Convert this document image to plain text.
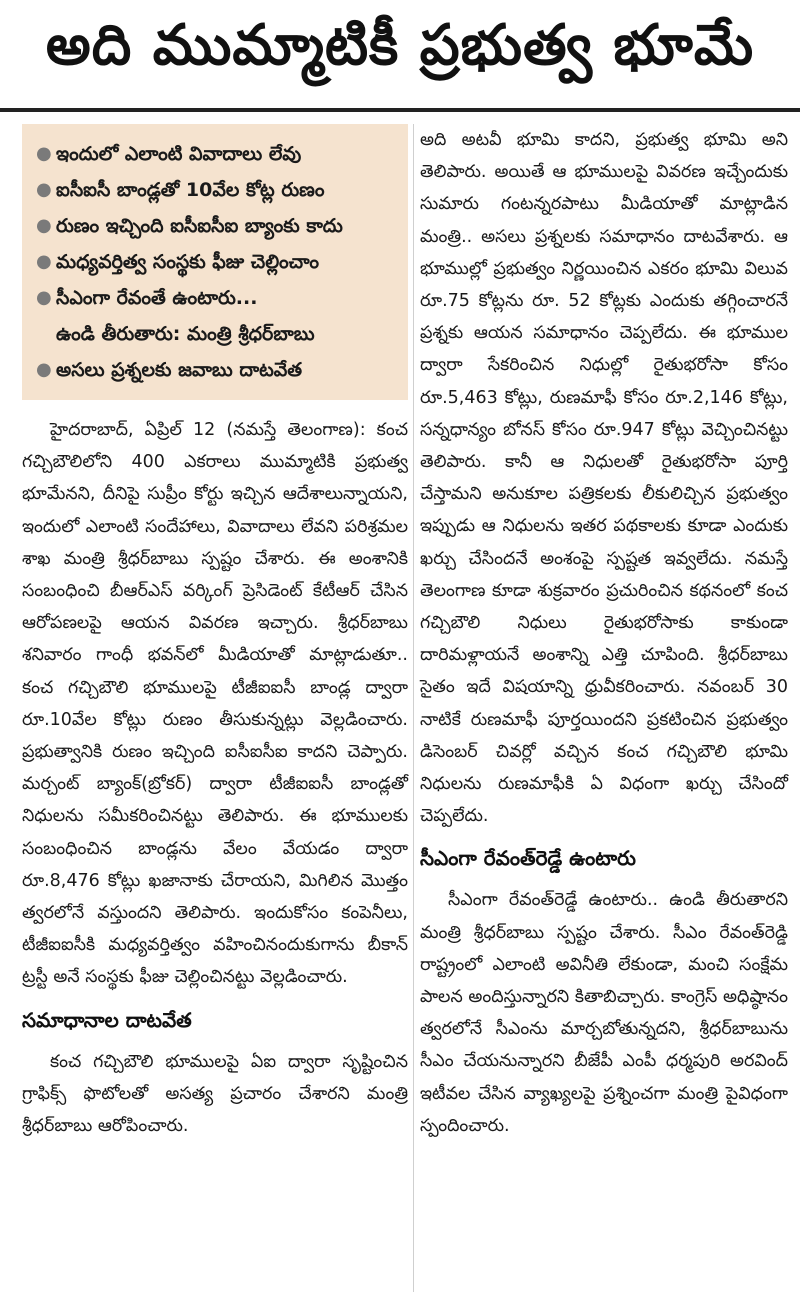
అది ముమ్మాటికీ ప్రభుత్వ భూమే
● ఇందులో ఎలాంటి వివాదాలు లేవు
● ఐసీఐసీ బాండ్లతో 10వేల కోట్ల రుణం
● రుణం ఇచ్చింది ఐసీఐసీఐ బ్యాంకు కాదు
● మధ్యవర్తిత్వ సంస్థకు ఫీజు చెల్లించాం
● సీఎంగా రేవంతే ఉంటారు...
ఉండి తీరుతారు: మంత్రి శ్రీధర్‌బాబు
● అసలు ప్రశ్నలకు జవాబు దాటవేత

హైదరాబాద్, ఏప్రిల్ 12 (నమస్తే తెలంగాణ): కంచ గచ్చిబౌలిలోని 400 ఎకరాలు ముమ్మాటికి ప్రభుత్వ భూమేనని, దీనిపై సుప్రీం కోర్టు ఇచ్చిన ఆదేశాలున్నాయని, ఇందులో ఎలాంటి సందేహాలు, వివాదాలు లేవని పరిశ్రమల శాఖ మంత్రి శ్రీధర్‌బాబు స్పష్టం చేశారు. ఈ అంశానికి సంబంధించి బీఆర్ఎస్ వర్కింగ్ ప్రెసిడెంట్ కేటీఆర్ చేసిన ఆరోపణలపై ఆయన వివరణ ఇచ్చారు. శ్రీధర్‌బాబు శనివారం గాంధీ భవన్‌లో మీడియాతో మాట్లాడుతూ.. కంచ గచ్చిబౌలి భూములపై టీజీఐఐసీ బాండ్ల ద్వారా రూ.10వేల కోట్లు రుణం తీసుకున్నట్లు వెల్లడించారు. ప్రభుత్వానికి రుణం ఇచ్చింది ఐసీఐసీఐ కాదని చెప్పారు. మర్చంట్ బ్యాంక్(బ్రోకర్) ద్వారా టీజీఐఐసీ బాండ్లతో నిధులను సమీకరించినట్టు తెలిపారు. ఈ భూములకు సంబంధించిన బాండ్లను వేలం వేయడం ద్వారా రూ.8,476 కోట్లు ఖజానాకు చేరాయని, మిగిలిన మొత్తం త్వరలోనే వస్తుందని తెలిపారు. ఇందుకోసం కంపెనీలు, టీజీఐఐసీకి మధ్యవర్తిత్వం వహించినందుకుగాను బీకాన్ ట్రస్టీ అనే సంస్థకు ఫీజు చెల్లించినట్టు వెల్లడించారు.

సమాధానాల దాటవేత

కంచ గచ్చిబౌలి భూములపై ఏఐ ద్వారా సృష్టించిన గ్రాఫిక్స్ ఫొటోలతో అసత్య ప్రచారం చేశారని మంత్రి శ్రీధర్‌బాబు ఆరోపించారు.

అది అటవీ భూమి కాదని, ప్రభుత్వ భూమి అని తెలిపారు. అయితే ఆ భూములపై వివరణ ఇచ్చేందుకు సుమారు గంటన్నరపాటు మీడియాతో మాట్లాడిన మంత్రి.. అసలు ప్రశ్నలకు సమాధానం దాటవేశారు. ఆ భూముల్లో ప్రభుత్వం నిర్ణయించిన ఎకరం భూమి విలువ రూ.75 కోట్లను రూ. 52 కోట్లకు ఎందుకు తగ్గించారనే ప్రశ్నకు ఆయన సమాధానం చెప్పలేదు. ఈ భూముల ద్వారా సేకరించిన నిధుల్లో రైతుభరోసా కోసం రూ.5,463 కోట్లు, రుణమాఫీ కోసం రూ.2,146 కోట్లు, సన్నధాన్యం బోనస్ కోసం రూ.947 కోట్లు వెచ్చించినట్టు తెలిపారు. కానీ ఆ నిధులతో రైతుభరోసా పూర్తి చేస్తామని అనుకూల పత్రికలకు లీకులిచ్చిన ప్రభుత్వం ఇప్పుడు ఆ నిధులను ఇతర పథకాలకు కూడా ఎందుకు ఖర్చు చేసిందనే అంశంపై స్పష్టత ఇవ్వలేదు. నమస్తే తెలంగాణ కూడా శుక్రవారం ప్రచురించిన కథనంలో కంచ గచ్చిబౌలి నిధులు రైతుభరోసాకు కాకుండా దారిమళ్లాయనే అంశాన్ని ఎత్తి చూపింది. శ్రీధర్‌బాబు సైతం ఇదే విషయాన్ని ధ్రువీకరించారు. నవంబర్ 30 నాటికే రుణమాఫీ పూర్తయిందని ప్రకటించిన ప్రభుత్వం డిసెంబర్ చివర్లో వచ్చిన కంచ గచ్చిబౌలి భూమి నిధులను రుణమాఫీకి ఏ విధంగా ఖర్చు చేసిందో చెప్పలేదు.

సీఎంగా రేవంత్‌రెడ్డే ఉంటారు

సీఎంగా రేవంత్‌రెడ్డే ఉంటారు.. ఉండి తీరుతారని మంత్రి శ్రీధర్‌బాబు స్పష్టం చేశారు. సీఎం రేవంత్‌రెడ్డి రాష్ట్రంలో ఎలాంటి అవినీతి లేకుండా, మంచి సంక్షేమ పాలన అందిస్తున్నారని కితాబిచ్చారు. కాంగ్రెస్ అధిష్ఠానం త్వరలోనే సీఎంను మార్చబోతున్నదని, శ్రీధర్‌బాబును సీఎం చేయనున్నారని బీజేపీ ఎంపీ ధర్మపురి అరవింద్ ఇటీవల చేసిన వ్యాఖ్యలపై ప్రశ్నించగా మంత్రి పైవిధంగా స్పందించారు.
